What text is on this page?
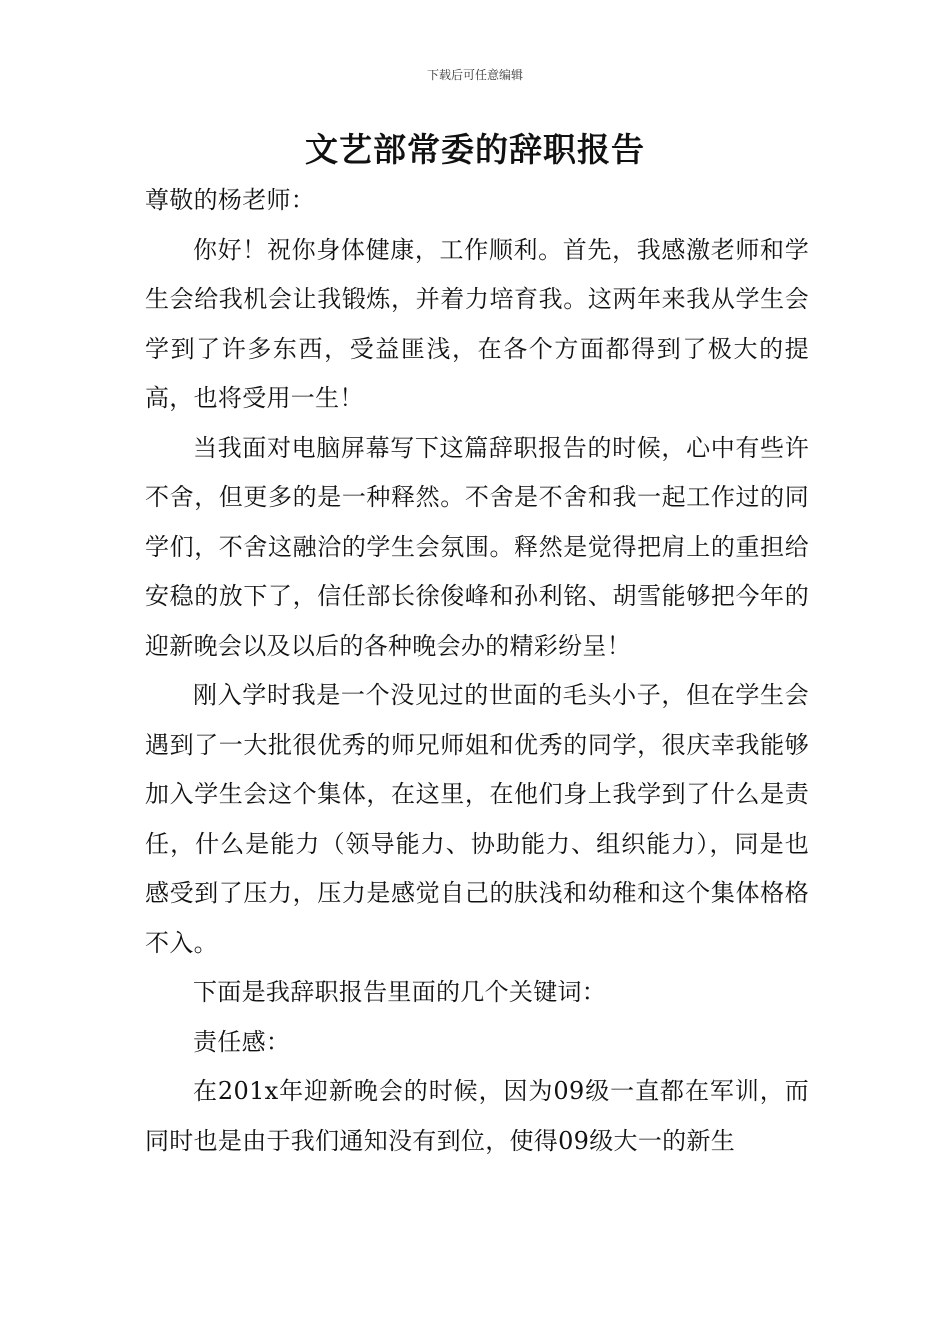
下载后可任意编辑
文艺部常委的辞职报告

尊敬的杨老师：

你好！祝你身体健康，工作顺利。首先，我感激老师和学生会给我机会让我锻炼，并着力培育我。这两年来我从学生会学到了许多东西，受益匪浅，在各个方面都得到了极大的提高，也将受用一生！

当我面对电脑屏幕写下这篇辞职报告的时候，心中有些许不舍，但更多的是一种释然。不舍是不舍和我一起工作过的同学们，不舍这融洽的学生会氛围。释然是觉得把肩上的重担给安稳的放下了，信任部长徐俊峰和孙利铭、胡雪能够把今年的迎新晚会以及以后的各种晚会办的精彩纷呈！

刚入学时我是一个没见过的世面的毛头小子，但在学生会遇到了一大批很优秀的师兄师姐和优秀的同学，很庆幸我能够加入学生会这个集体，在这里，在他们身上我学到了什么是责任，什么是能力（领导能力、协助能力、组织能力），同是也感受到了压力，压力是感觉自己的肤浅和幼稚和这个集体格格不入。

下面是我辞职报告里面的几个关键词：

责任感：

在201x年迎新晚会的时候，因为09级一直都在军训，而同时也是由于我们通知没有到位，使得09级大一的新生
